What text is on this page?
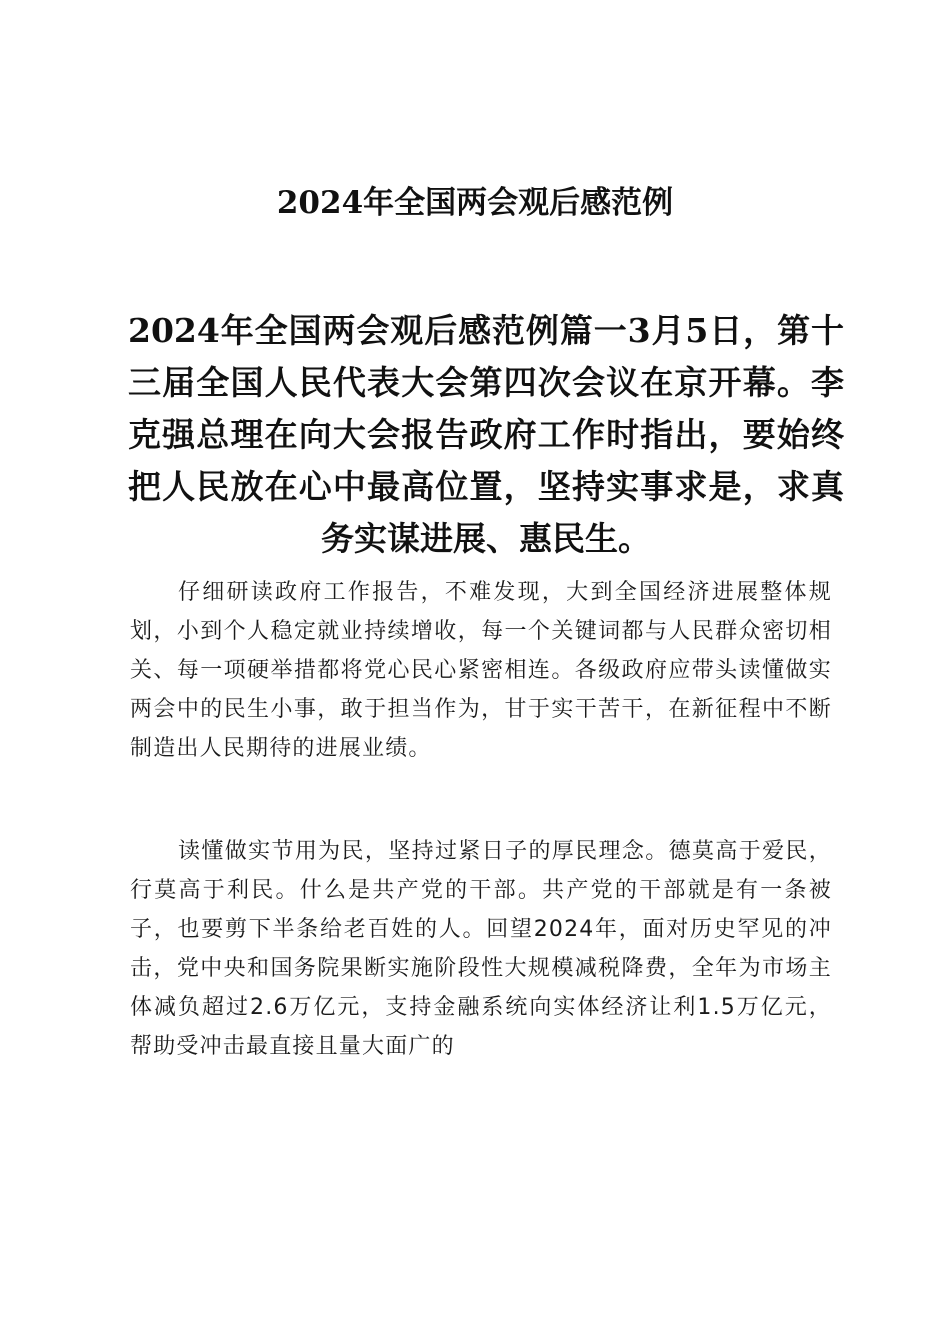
2024年全国两会观后感范例

2024年全国两会观后感范例篇一3月5日，第十三届全国人民代表大会第四次会议在京开幕。李克强总理在向大会报告政府工作时指出，要始终把人民放在心中最高位置，坚持实事求是，求真务实谋进展、惠民生。

仔细研读政府工作报告，不难发现，大到全国经济进展整体规划，小到个人稳定就业持续增收，每一个关键词都与人民群众密切相关、每一项硬举措都将党心民心紧密相连。各级政府应带头读懂做实两会中的民生小事，敢于担当作为，甘于实干苦干，在新征程中不断制造出人民期待的进展业绩。

读懂做实节用为民，坚持过紧日子的厚民理念。德莫高于爱民，行莫高于利民。什么是共产党的干部。共产党的干部就是有一条被子，也要剪下半条给老百姓的人。回望2024年，面对历史罕见的冲击，党中央和国务院果断实施阶段性大规模减税降费，全年为市场主体减负超过2.6万亿元，支持金融系统向实体经济让利1.5万亿元，帮助受冲击最直接且量大面广的
